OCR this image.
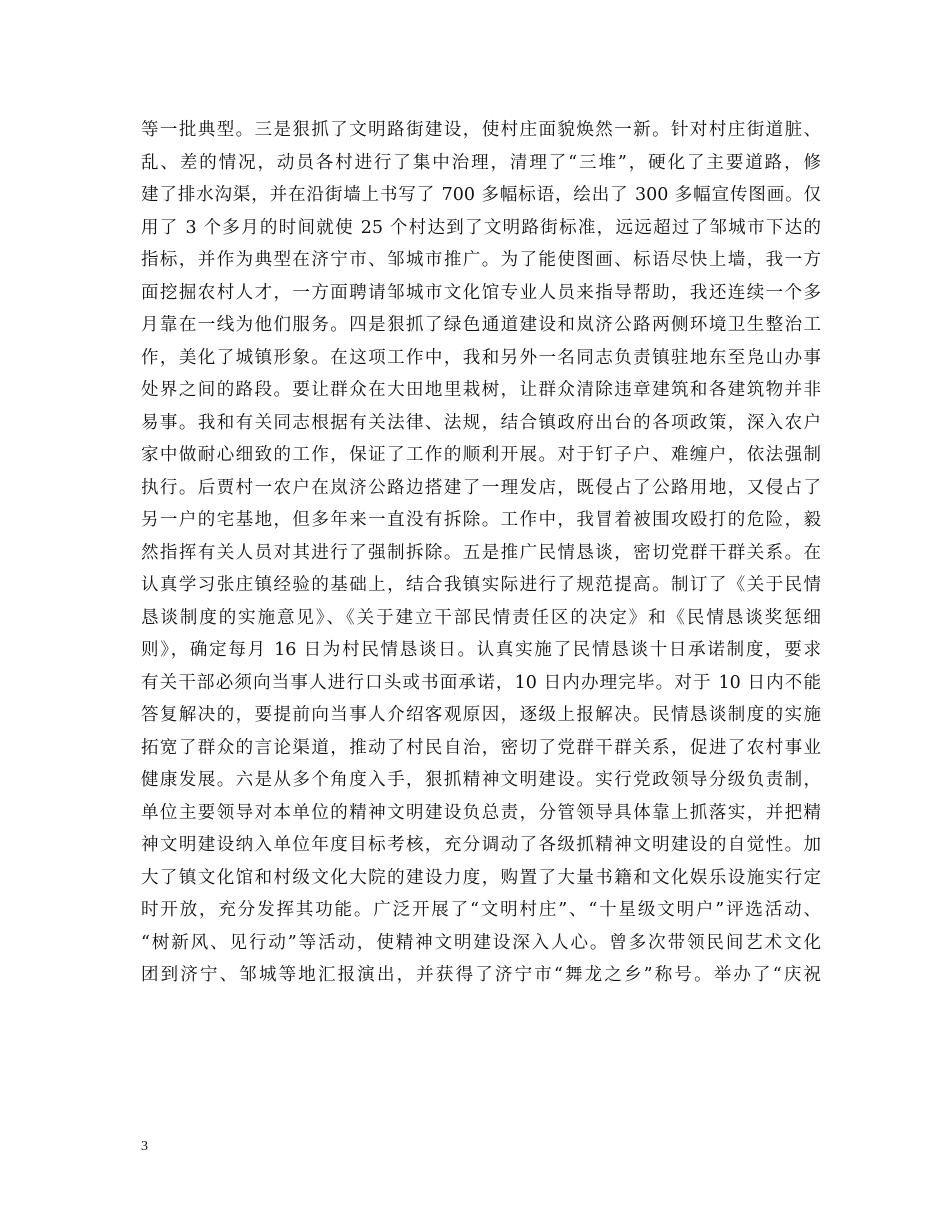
等一批典型。三是狠抓了文明路街建设，使村庄面貌焕然一新。针对村庄街道脏、
乱、差的情况，动员各村进行了集中治理，清理了“三堆”，硬化了主要道路，修
建了排水沟渠，并在沿街墙上书写了 700 多幅标语，绘出了 300 多幅宣传图画。仅
用了 3 个多月的时间就使 25 个村达到了文明路街标准，远远超过了邹城市下达的
指标，并作为典型在济宁市、邹城市推广。为了能使图画、标语尽快上墙，我一方
面挖掘农村人才，一方面聘请邹城市文化馆专业人员来指导帮助，我还连续一个多
月靠在一线为他们服务。四是狠抓了绿色通道建设和岚济公路两侧环境卫生整治工
作，美化了城镇形象。在这项工作中，我和另外一名同志负责镇驻地东至凫山办事
处界之间的路段。要让群众在大田地里栽树，让群众清除违章建筑和各建筑物并非
易事。我和有关同志根据有关法律、法规，结合镇政府出台的各项政策，深入农户
家中做耐心细致的工作，保证了工作的顺利开展。对于钉子户、难缠户，依法强制
执行。后贾村一农户在岚济公路边搭建了一理发店，既侵占了公路用地，又侵占了
另一户的宅基地，但多年来一直没有拆除。工作中，我冒着被围攻殴打的危险，毅
然指挥有关人员对其进行了强制拆除。五是推广民情恳谈，密切党群干群关系。在
认真学习张庄镇经验的基础上，结合我镇实际进行了规范提高。制订了《关于民情
恳谈制度的实施意见》、《关于建立干部民情责任区的决定》和《民情恳谈奖惩细
则》，确定每月 16 日为村民情恳谈日。认真实施了民情恳谈十日承诺制度，要求
有关干部必须向当事人进行口头或书面承诺，10 日内办理完毕。对于 10 日内不能
答复解决的，要提前向当事人介绍客观原因，逐级上报解决。民情恳谈制度的实施
拓宽了群众的言论渠道，推动了村民自治，密切了党群干群关系，促进了农村事业
健康发展。六是从多个角度入手，狠抓精神文明建设。实行党政领导分级负责制，
单位主要领导对本单位的精神文明建设负总责，分管领导具体靠上抓落实，并把精
神文明建设纳入单位年度目标考核，充分调动了各级抓精神文明建设的自觉性。加
大了镇文化馆和村级文化大院的建设力度，购置了大量书籍和文化娱乐设施实行定
时开放，充分发挥其功能。广泛开展了“文明村庄”、“十星级文明户”评选活动、
“树新风、见行动”等活动，使精神文明建设深入人心。曾多次带领民间艺术文化
团到济宁、邹城等地汇报演出，并获得了济宁市“舞龙之乡”称号。举办了“庆祝
3
